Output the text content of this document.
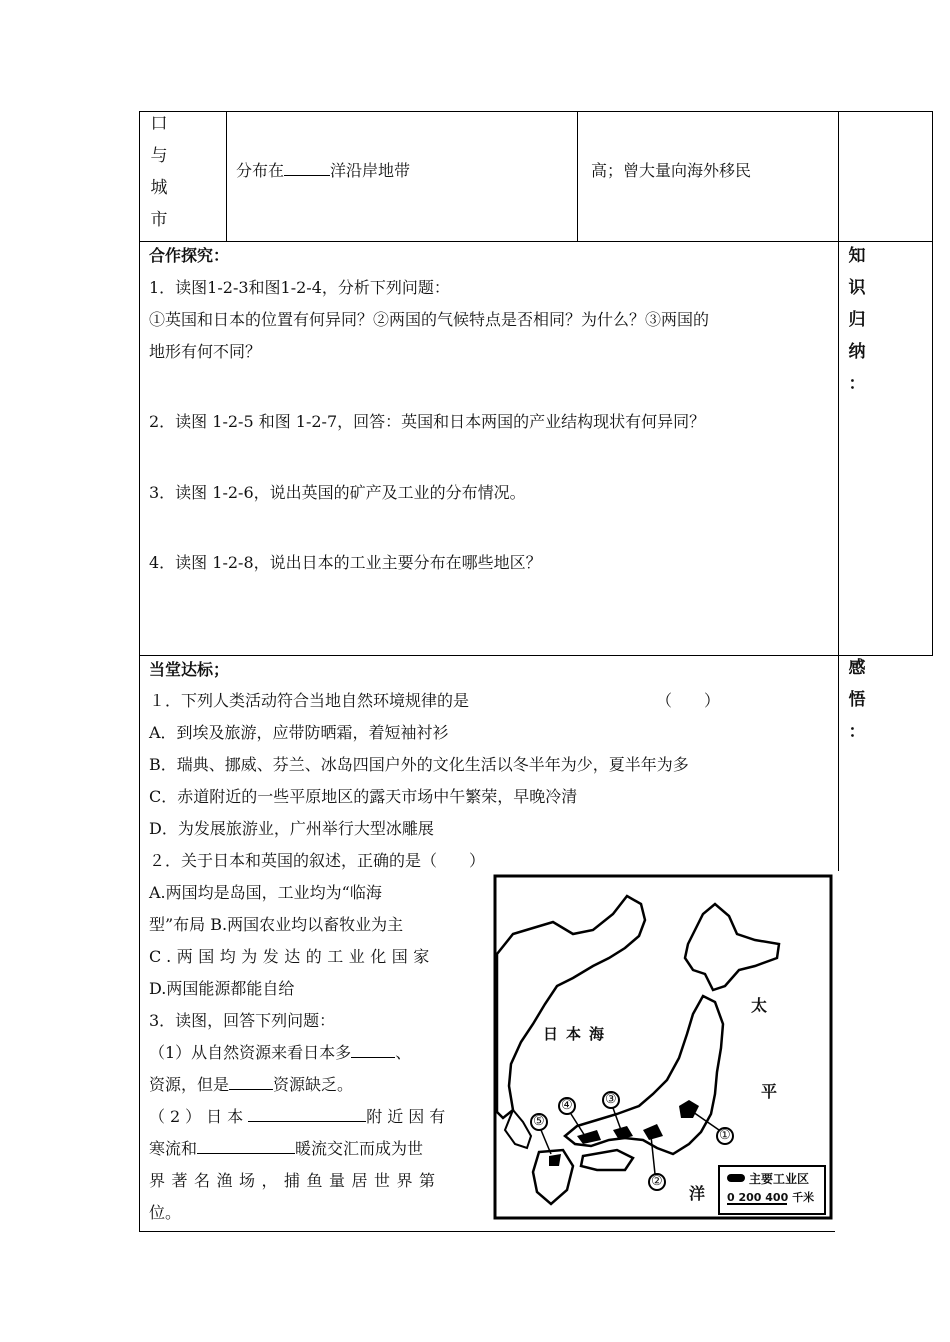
口
与
城
市
分布在	洋沿岸地带	高；曾大量向海外移民
合作探究：
1．读图1-2-3和图1-2-4，分析下列问题：
①英国和日本的位置有何异同？②两国的气候特点是否相同？为什么？③两国的
地形有何不同？
2．读图 1-2-5 和图 1-2-7，回答：英国和日本两国的产业结构现状有何异同？
3．读图 1-2-6，说出英国的矿产及工业的分布情况。
4．读图 1-2-8，说出日本的工业主要分布在哪些地区？
知
识
归
纳
：
当堂达标；
１．下列人类活动符合当地自然环境规律的是	（　　）
A．到埃及旅游，应带防晒霜，着短袖衬衫
B．瑞典、挪威、芬兰、冰岛四国户外的文化生活以冬半年为少，夏半年为多
C．赤道附近的一些平原地区的露天市场中午繁荣，早晚冷清
D．为发展旅游业，广州举行大型冰雕展
２．关于日本和英国的叙述，正确的是（　　）
A.两国均是岛国，工业均为“临海
型”布局 B.两国农业均以畜牧业为主
C.两国均为发达的工业化国家
D.两国能源都能自给
3．读图，回答下列问题：
（1）从自然资源来看日本多	、
资源，但是	资源缺乏。
（2）日本	附近因有
寒流和	暖流交汇而成为世
界著名渔场，捕鱼量居世界第
位。
感
悟
：
日本海
太
平
洋
①
②
③
④
⑤
主要工业区
0 200 400 千米
